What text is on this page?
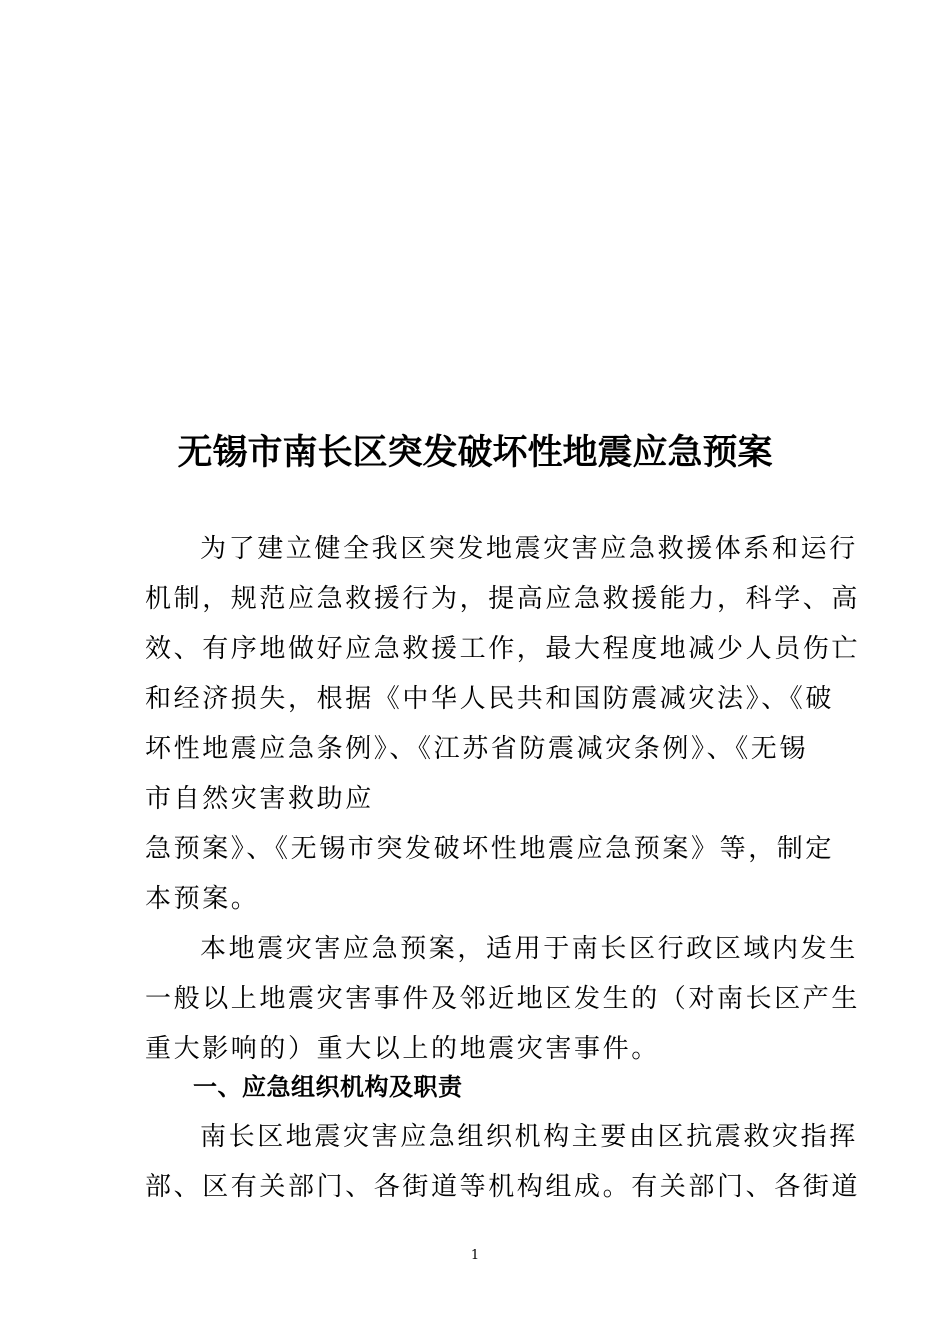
无锡市南长区突发破坏性地震应急预案
为了建立健全我区突发地震灾害应急救援体系和运行
机制，规范应急救援行为，提高应急救援能力，科学、高
效、有序地做好应急救援工作，最大程度地减少人员伤亡
和经济损失，根据《中华人民共和国防震减灾法》、《破
坏性地震应急条例》、《江苏省防震减灾条例》、《无锡
市自然灾害救助应
急预案》、《无锡市突发破坏性地震应急预案》等，制定
本预案。
本地震灾害应急预案，适用于南长区行政区域内发生
一般以上地震灾害事件及邻近地区发生的（对南长区产生
重大影响的）重大以上的地震灾害事件。
一、应急组织机构及职责
南长区地震灾害应急组织机构主要由区抗震救灾指挥
部、区有关部门、各街道等机构组成。有关部门、各街道
1
